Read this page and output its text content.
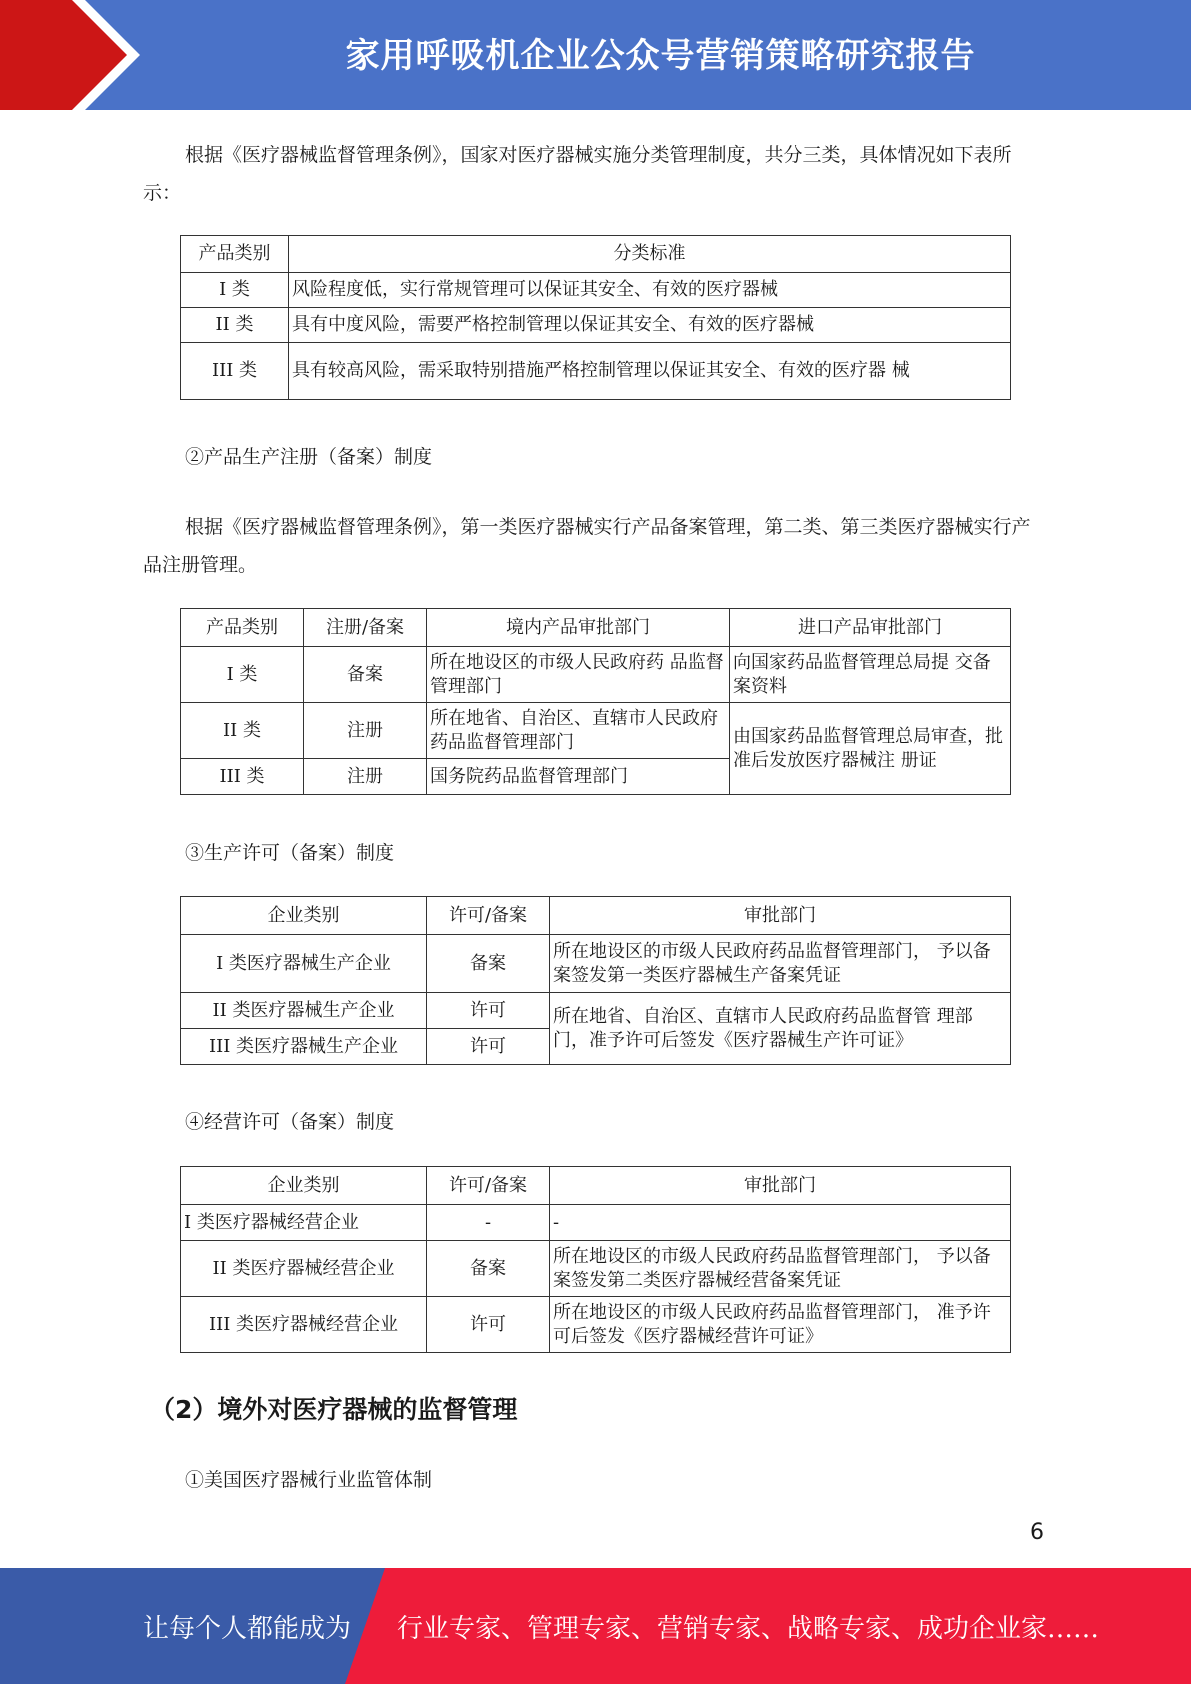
家用呼吸机企业公众号营销策略研究报告

根据《医疗器械监督管理条例》，国家对医疗器械实施分类管理制度，共分三类，具体情况如下表所示：

产品类别	分类标准
I 类	风险程度低，实行常规管理可以保证其安全、有效的医疗器械
II 类	具有中度风险，需要严格控制管理以保证其安全、有效的医疗器械
III 类	具有较高风险，需采取特别措施严格控制管理以保证其安全、有效的医疗器 械

②产品生产注册（备案）制度

根据《医疗器械监督管理条例》，第一类医疗器械实行产品备案管理，第二类、第三类医疗器械实行产品注册管理。

产品类别	注册/备案	境内产品审批部门	进口产品审批部门
I 类	备案	所在地设区的市级人民政府药 品监督管理部门	向国家药品监督管理总局提 交备案资料
II 类	注册	所在地省、自治区、直辖市人民政府药品监督管理部门	由国家药品监督管理总局审查，批准后发放医疗器械注 册证
III 类	注册	国务院药品监督管理部门	

③生产许可（备案）制度

企业类别	许可/备案	审批部门
I 类医疗器械生产企业	备案	所在地设区的市级人民政府药品监督管理部门， 予以备案签发第一类医疗器械生产备案凭证
II 类医疗器械生产企业	许可	所在地省、自治区、直辖市人民政府药品监督管 理部门，准予许可后签发《医疗器械生产许可证》
III 类医疗器械生产企业	许可	

④经营许可（备案）制度

企业类别	许可/备案	审批部门
I 类医疗器械经营企业	-	-
II 类医疗器械经营企业	备案	所在地设区的市级人民政府药品监督管理部门， 予以备案签发第二类医疗器械经营备案凭证
III 类医疗器械经营企业	许可	所在地设区的市级人民政府药品监督管理部门， 准予许可后签发《医疗器械经营许可证》
（2）境外对医疗器械的监督管理

①美国医疗器械行业监管体制

6
让每个人都能成为 行业专家、管理专家、营销专家、战略专家、成功企业家……
